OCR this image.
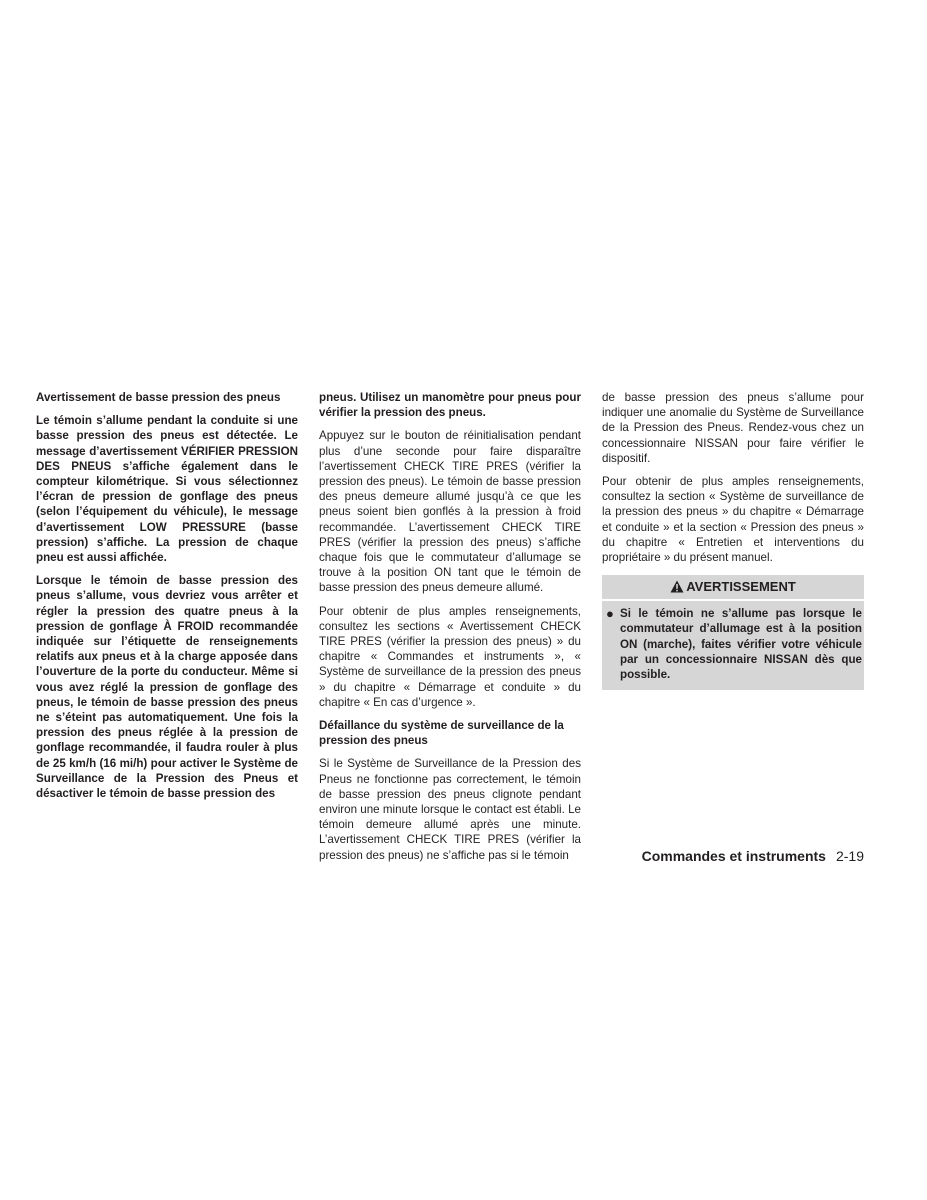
Avertissement de basse pression des pneus

Le témoin s’allume pendant la conduite si une basse pression des pneus est détectée. Le message d’avertissement VÉRIFIER PRESSION DES PNEUS s’affiche également dans le compteur kilométrique. Si vous sélectionnez l’écran de pression de gonflage des pneus (selon l’équipement du véhicule), le message d’avertissement LOW PRESSURE (basse pression) s’affiche. La pression de chaque pneu est aussi affichée.

Lorsque le témoin de basse pression des pneus s’allume, vous devriez vous arrêter et régler la pression des quatre pneus à la pression de gonflage À FROID recommandée indiquée sur l’étiquette de renseignements relatifs aux pneus et à la charge apposée dans l’ouverture de la porte du conducteur. Même si vous avez réglé la pression de gonflage des pneus, le témoin de basse pression des pneus ne s’éteint pas automatiquement. Une fois la pression des pneus réglée à la pression de gonflage recommandée, il faudra rouler à plus de 25 km/h (16 mi/h) pour activer le Système de Surveillance de la Pression des Pneus et désactiver le témoin de basse pression des

pneus. Utilisez un manomètre pour pneus pour vérifier la pression des pneus.

Appuyez sur le bouton de réinitialisation pendant plus d’une seconde pour faire disparaître l’avertissement CHECK TIRE PRES (vérifier la pression des pneus). Le témoin de basse pression des pneus demeure allumé jusqu’à ce que les pneus soient bien gonflés à la pression à froid recommandée. L’avertissement CHECK TIRE PRES (vérifier la pression des pneus) s’affiche chaque fois que le commutateur d’allumage se trouve à la position ON tant que le témoin de basse pression des pneus demeure allumé.

Pour obtenir de plus amples renseignements, consultez les sections « Avertissement CHECK TIRE PRES (vérifier la pression des pneus) » du chapitre « Commandes et instruments », « Système de surveillance de la pression des pneus » du chapitre « Démarrage et conduite » du chapitre « En cas d’urgence ».

Défaillance du système de surveillance de la pression des pneus

Si le Système de Surveillance de la Pression des Pneus ne fonctionne pas correctement, le témoin de basse pression des pneus clignote pendant environ une minute lorsque le contact est établi. Le témoin demeure allumé après une minute. L’avertissement CHECK TIRE PRES (vérifier la pression des pneus) ne s’affiche pas si le témoin

de basse pression des pneus s’allume pour indiquer une anomalie du Système de Surveillance de la Pression des Pneus. Rendez-vous chez un concessionnaire NISSAN pour faire vérifier le dispositif.

Pour obtenir de plus amples renseignements, consultez la section « Système de surveillance de la pression des pneus » du chapitre « Démarrage et conduite » et la section « Pression des pneus » du chapitre « Entretien et interventions du propriétaire » du présent manuel.

AVERTISSEMENT
● Si le témoin ne s’allume pas lorsque le commutateur d’allumage est à la position ON (marche), faites vérifier votre véhicule par un concessionnaire NISSAN dès que possible.
Commandes et instruments 2-19
